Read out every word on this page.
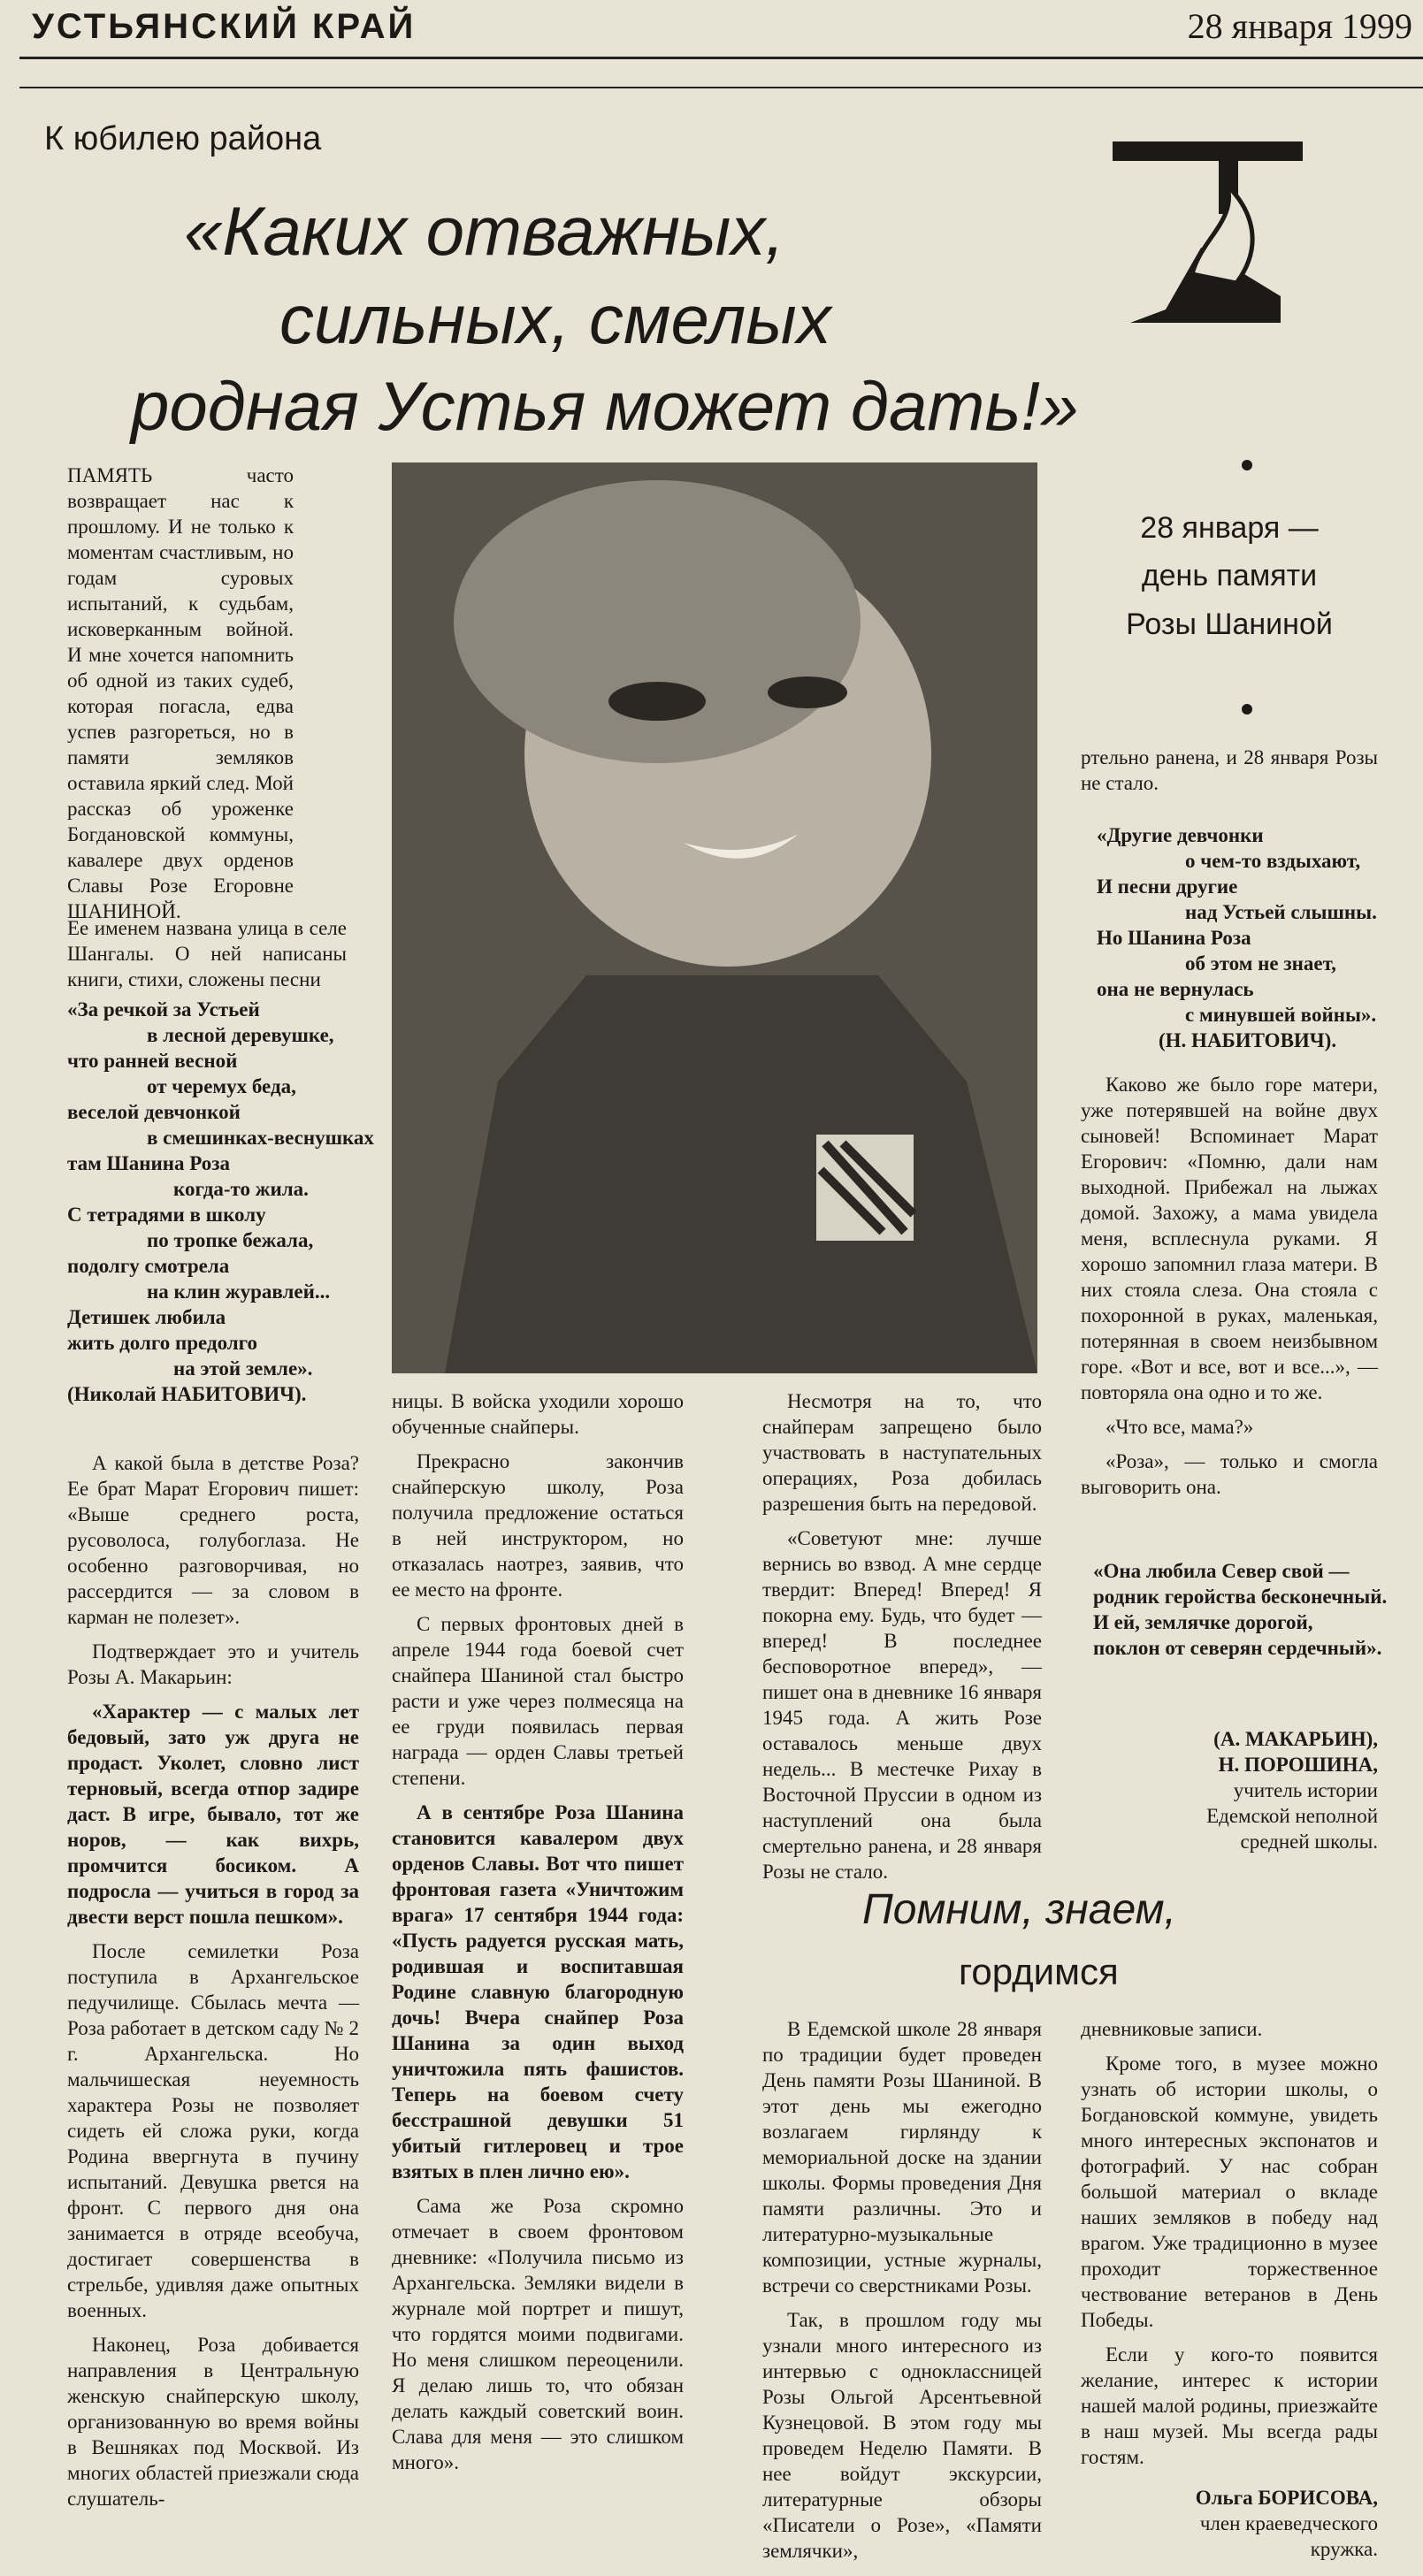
УСТЬЯНСКИЙ КРАЙ	28 января 1999
К юбилею района
«Каких отважных,
сильных, смелых
родная Устья может дать!»
28 января —
день памяти
Розы Шаниной
ПАМЯТЬ часто возвращает нас к прошлому. И не только к моментам счастливым, но годам суровых испытаний, к судьбам, исковерканным войной. И мне хочется напомнить об одной из таких судеб, которая погасла, едва успев разгореться, но в памяти земляков оставила яркий след. Мой рассказ об уроженке Богдановской коммуны, кавалере двух орденов Славы Розе Егоровне ШАНИНОЙ.
Ее именем названа улица в селе Шангалы. О ней написаны книги, стихи, сложены песни
«За речкой за Устьей
в лесной деревушке,
что ранней весной
от черемух беда,
веселой девчонкой
в смешинках-веснушках
там Шанина Роза
когда-то жила.
С тетрадями в школу
по тропке бежала,
подолгу смотрела
на клин журавлей...
Детишек любила
жить долго предолго
на этой земле».
(Николай НАБИТОВИЧ).

А какой была в детстве Роза? Ее брат Марат Егорович пишет: «Выше среднего роста, русоволоса, голубоглаза. Не особенно разговорчивая, но рассердится — за словом в карман не полезет».

Подтверждает это и учитель Розы А. Макарьин:

«Характер — с малых лет бедовый, зато уж друга не продаст. Уколет, словно лист терновый, всегда отпор задире даст. В игре, бывало, тот же норов, — как вихрь, промчится босиком. А подросла — учиться в город за двести верст пошла пешком».

После семилетки Роза поступила в Архангельское педучилище. Сбылась мечта — Роза работает в детском саду № 2 г. Архангельска. Но мальчишеская неуемность характера Розы не позволяет сидеть ей сложа руки, когда Родина ввергнута в пучину испытаний. Девушка рвется на фронт. С первого дня она занимается в отряде всеобуча, достигает совершенства в стрельбе, удивляя даже опытных военных.

Наконец, Роза добивается направления в Центральную женскую снайперскую школу, организованную во время войны в Вешняках под Москвой. Из многих областей приезжали сюда слушатель-

ницы. В войска уходили хорошо обученные снайперы.

Прекрасно закончив снайперскую школу, Роза получила предложение остаться в ней инструктором, но отказалась наотрез, заявив, что ее место на фронте.

С первых фронтовых дней в апреле 1944 года боевой счет снайпера Шаниной стал быстро расти и уже через полмесяца на ее груди появилась первая награда — орден Славы третьей степени.

А в сентябре Роза Шанина становится кавалером двух орденов Славы. Вот что пишет фронтовая газета «Уничтожим врага» 17 сентября 1944 года: «Пусть радуется русская мать, родившая и воспитавшая Родине славную благородную дочь! Вчера снайпер Роза Шанина за один выход уничтожила пять фашистов. Теперь на боевом счету бесстрашной девушки 51 убитый гитлеровец и трое взятых в плен лично ею».

Сама же Роза скромно отмечает в своем фронтовом дневнике: «Получила письмо из Архангельска. Земляки видели в журнале мой портрет и пишут, что гордятся моими подвигами. Но меня слишком переоценили. Я делаю лишь то, что обязан делать каждый советский воин. Слава для меня — это слишком много».

Несмотря на то, что снайперам запрещено было участвовать в наступательных операциях, Роза добилась разрешения быть на передовой.

«Советуют мне: лучше вернись во взвод. А мне сердце твердит: Вперед! Вперед! Я покорна ему. Будь, что будет — вперед! В последнее бесповоротное вперед», — пишет она в дневнике 16 января 1945 года. А жить Розе оставалось меньше двух недель... В местечке Рихау в Восточной Пруссии в одном из наступлений она была смертельно ранена, и 28 января Розы не стало.

ртельно ранена, и 28 января Розы не стало.

«Другие девчонки
о чем-то вздыхают,
И песни другие
над Устьей слышны.
Но Шанина Роза
об этом не знает,
она не вернулась
с минувшей войны».
(Н. НАБИТОВИЧ).

Каково же было горе матери, уже потерявшей на войне двух сыновей! Вспоминает Марат Егорович: «Помню, дали нам выходной. Прибежал на лыжах домой. Захожу, а мама увидела меня, всплеснула руками. Я хорошо запомнил глаза матери. В них стояла слеза. Она стояла с похоронной в руках, маленькая, потерянная в своем неизбывном горе. «Вот и все, вот и все...», — повторяла она одно и то же.

«Что все, мама?»

«Роза», — только и смогла выговорить она.

«Она любила Север свой —
родник геройства бесконечный.
И ей, землячке дорогой,
поклон от северян сердечный».
(А. МАКАРЬИН),
Н. ПОРОШИНА,
учитель истории
Едемской неполной
средней школы.
Помним, знаем,
гордимся

В Едемской школе 28 января по традиции будет проведен День памяти Розы Шаниной. В этот день мы ежегодно возлагаем гирлянду к мемориальной доске на здании школы. Формы проведения Дня памяти различны. Это и литературно-музыкальные композиции, устные журналы, встречи со сверстниками Розы.

Так, в прошлом году мы узнали много интересного из интервью с одноклассницей Розы Ольгой Арсентьевной Кузнецовой. В этом году мы проведем Неделю Памяти. В нее войдут экскурсии, литературные обзоры «Писатели о Розе», «Памяти землячки»,

дневниковые записи.

Кроме того, в музее можно узнать об истории школы, о Богдановской коммуне, увидеть много интересных экспонатов и фотографий. У нас собран большой материал о вкладе наших земляков в победу над врагом. Уже традиционно в музее проходит торжественное чествование ветеранов в День Победы.

Если у кого-то появится желание, интерес к истории нашей малой родины, приезжайте в наш музей. Мы всегда рады гостям.

Ольга БОРИСОВА,
член краеведческого
кружка.
